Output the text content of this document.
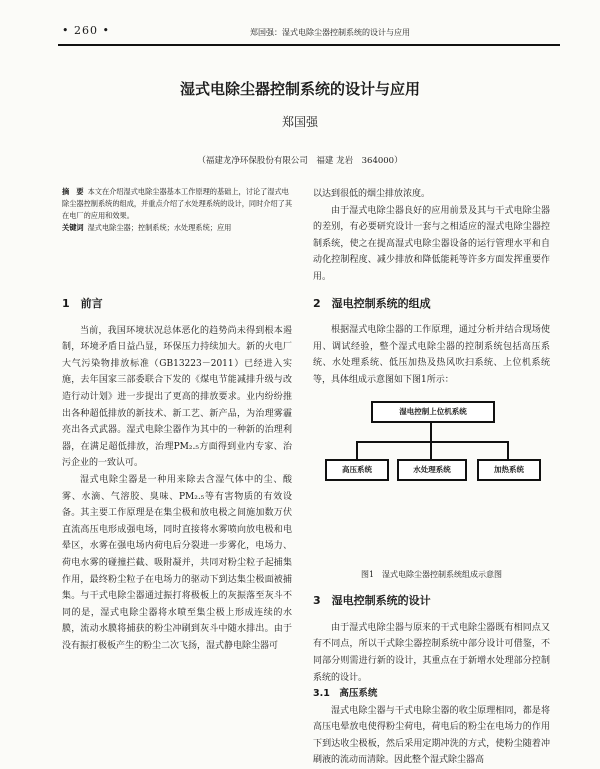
• 260 •	郑国强：湿式电除尘器控制系统的设计与应用
湿式电除尘器控制系统的设计与应用
郑国强
（福建龙净环保股份有限公司　福建 龙岩　364000）
摘　要 本文在介绍湿式电除尘器基本工作原理的基础上，讨论了湿式电除尘器控制系统的组成，并重点介绍了水处理系统的设计，同时介绍了其在电厂的应用和效果。
关键词 湿式电除尘器；控制系统；水处理系统；应用
1　前言

当前，我国环境状况总体恶化的趋势尚未得到根本遏制，环境矛盾日益凸显，环保压力持续加大。新的火电厂大气污染物排放标准（GB13223－2011）已经进入实施，去年国家三部委联合下发的《煤电节能减排升级与改造行动计划》进一步提出了更高的排放要求。业内纷纷推出各种超低排放的新技术、新工艺、新产品，为治理雾霾亮出各式武器。湿式电除尘器作为其中的一种新的治理利器，在满足超低排放，治理PM₂.₅方面得到业内专家、治污企业的一致认可。

湿式电除尘器是一种用来除去含湿气体中的尘、酸雾、水滴、气溶胶、臭味、PM₂.₅等有害物质的有效设备。其主要工作原理是在集尘极和放电极之间施加数万伏直流高压电形成强电场，同时直接将水雾喷向放电极和电晕区，水雾在强电场内荷电后分裂进一步雾化，电场力、荷电水雾的碰撞拦截、吸附凝并，共同对粉尘粒子起捕集作用，最终粉尘粒子在电场力的驱动下到达集尘极面被捕集。与干式电除尘器通过振打将极板上的灰振落至灰斗不同的是，湿式电除尘器将水喷至集尘极上形成连续的水膜，流动水膜将捕获的粉尘冲刷到灰斗中随水排出。由于没有振打极板产生的粉尘二次飞扬，湿式静电除尘器可

以达到很低的烟尘排放浓度。

由于湿式电除尘器良好的应用前景及其与干式电除尘器的差别，有必要研究设计一套与之相适应的湿式电除尘器控制系统，使之在提高湿式电除尘器设备的运行管理水平和自动化控制程度、减少排放和降低能耗等许多方面发挥重要作用。

2　湿电控制系统的组成

根据湿式电除尘器的工作原理，通过分析并结合现场使用、调试经验，整个湿式电除尘器的控制系统包括高压系统、水处理系统、低压加热及热风吹扫系统、上位机系统等，具体组成示意图如下图1所示：

湿电控制上位机系统
高压系统	水处理系统	加热系统
图1　湿式电除尘器控制系统组成示意图
3　湿电控制系统的设计

由于湿式电除尘器与原来的干式电除尘器既有相同点又有不同点，所以干式除尘器控制系统中部分设计可借鉴，不同部分则需进行新的设计，其重点在于新增水处理部分控制系统的设计。

3.1　高压系统

湿式电除尘器与干式电除尘器的收尘原理相同，都是将高压电晕放电使得粉尘荷电，荷电后的粉尘在电场力的作用下到达收尘极板，然后采用定期冲洗的方式，使粉尘随着冲刷液的流动而清除。因此整个湿式除尘器高
